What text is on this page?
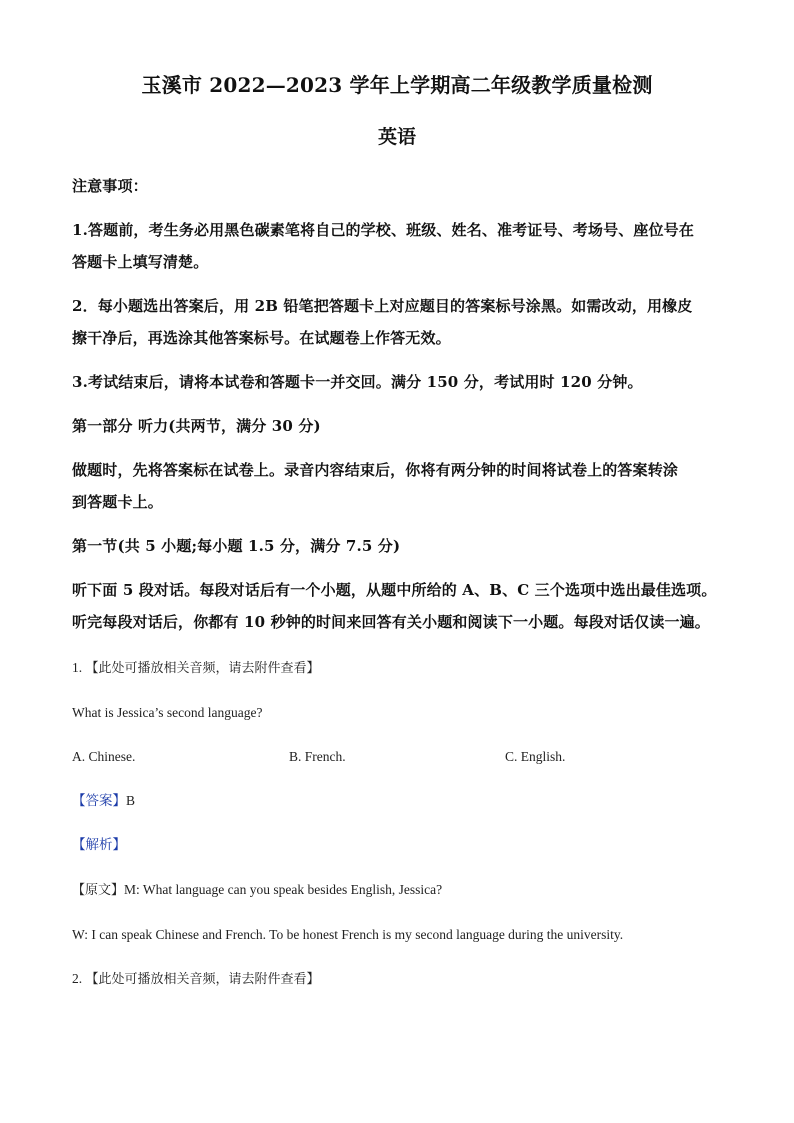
玉溪市 2022—2023 学年上学期高二年级教学质量检测
英语

注意事项：

1.答题前，考生务必用黑色碳素笔将自己的学校、班级、姓名、准考证号、考场号、座位号在

答题卡上填写清楚。

2．每小题选出答案后，用 2B 铅笔把答题卡上对应题目的答案标号涂黑。如需改动，用橡皮

擦干净后，再选涂其他答案标号。在试题卷上作答无效。

3.考试结束后，请将本试卷和答题卡一并交回。满分 150 分，考试用时 120 分钟。

第一部分 听力(共两节，满分 30 分)

做题时，先将答案标在试卷上。录音内容结束后，你将有两分钟的时间将试卷上的答案转涂

到答题卡上。

第一节(共 5 小题;每小题 1.5 分，满分 7.5 分)

听下面 5 段对话。每段对话后有一个小题，从题中所给的 A、B、C 三个选项中选出最佳选项。

听完每段对话后，你都有 10 秒钟的时间来回答有关小题和阅读下一小题。每段对话仅读一遍。

1. 【此处可播放相关音频，请去附件查看】

What is Jessica’s second language?

A. Chinese.	B. French.	C. English.

【答案】B

【解析】

【原文】M: What language can you speak besides English, Jessica?

W: I can speak Chinese and French. To be honest French is my second language during the university.

2. 【此处可播放相关音频，请去附件查看】
